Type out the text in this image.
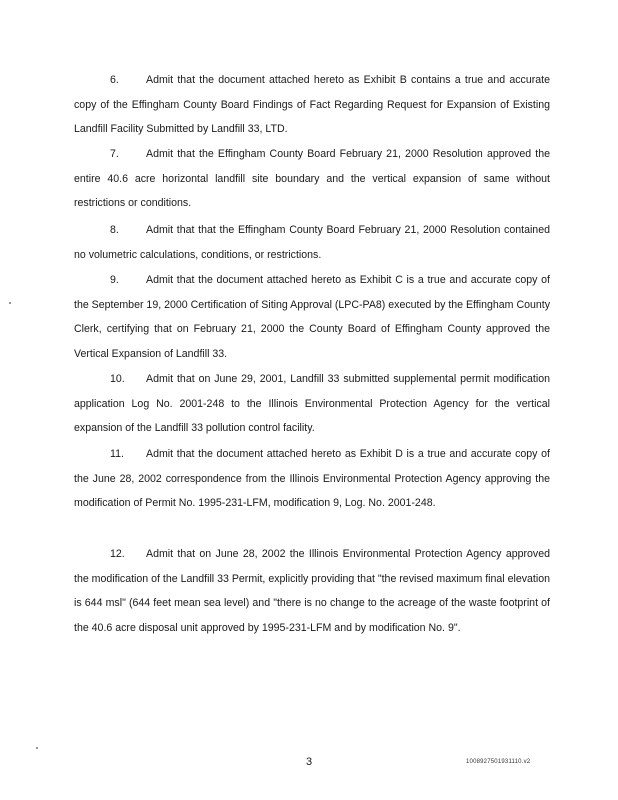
6.	Admit that the document attached hereto as Exhibit B contains a true and accurate copy of the Effingham County Board Findings of Fact Regarding Request for Expansion of Existing Landfill Facility Submitted by Landfill 33, LTD.

7.	Admit that the Effingham County Board February 21, 2000 Resolution approved the entire 40.6 acre horizontal landfill site boundary and the vertical expansion of same without restrictions or conditions.

8.	Admit that that the Effingham County Board February 21, 2000 Resolution contained no volumetric calculations, conditions, or restrictions.

9.	Admit that the document attached hereto as Exhibit C is a true and accurate copy of the September 19, 2000 Certification of Siting Approval (LPC-PA8) executed by the Effingham County Clerk, certifying that on February 21, 2000 the County Board of Effingham County approved the Vertical Expansion of Landfill 33.

10. Admit that on June 29, 2001, Landfill 33 submitted supplemental permit modification application Log No. 2001-248 to the Illinois Environmental Protection Agency for the vertical expansion of the Landfill 33 pollution control facility.

11. Admit that the document attached hereto as Exhibit D is a true and accurate copy of the June 28, 2002 correspondence from the Illinois Environmental Protection Agency approving the modification of Permit No. 1995-231-LFM, modification 9, Log. No. 2001-248.

12. Admit that on June 28, 2002 the Illinois Environmental Protection Agency approved the modification of the Landfill 33 Permit, explicitly providing that "the revised maximum final elevation is 644 msl" (644 feet mean sea level) and "there is no change to the acreage of the waste footprint of the 40.6 acre disposal unit approved by 1995-231-LFM and by modification No. 9".

3	1008927501931110.v2
